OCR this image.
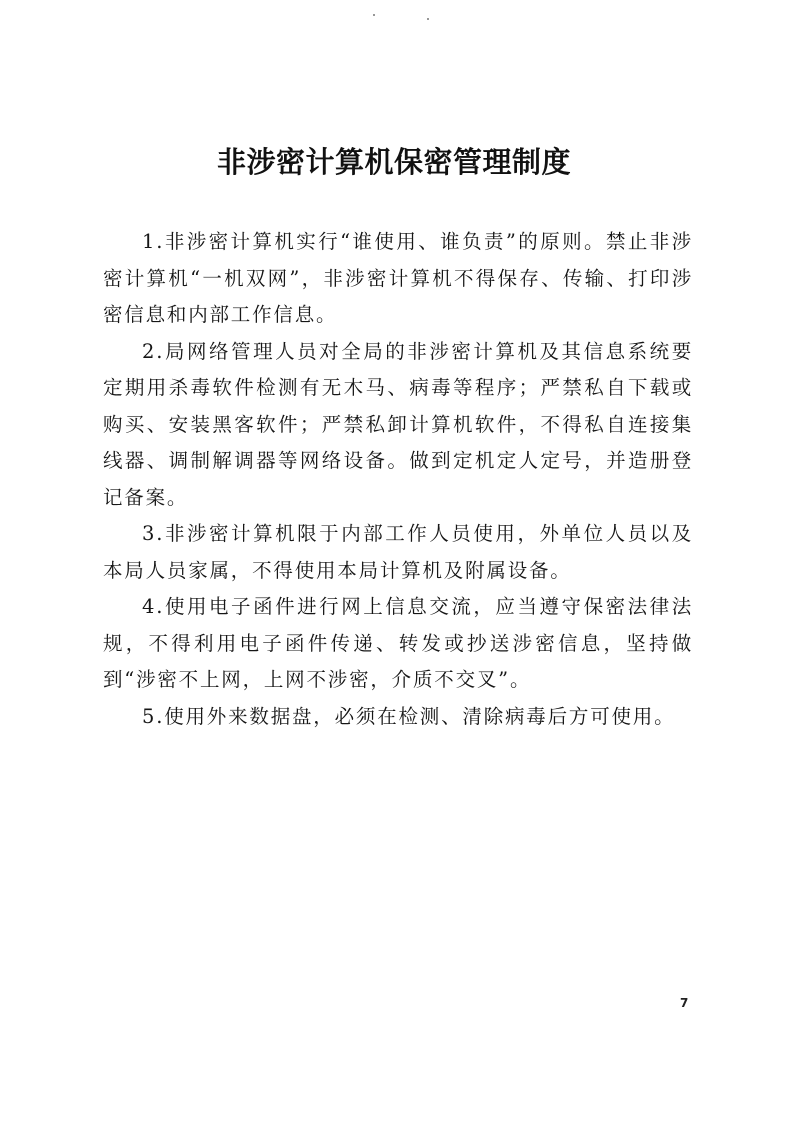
非涉密计算机保密管理制度

1.非涉密计算机实行“谁使用、谁负责”的原则。禁止非涉密计算机“一机双网”，非涉密计算机不得保存、传输、打印涉密信息和内部工作信息。

2.局网络管理人员对全局的非涉密计算机及其信息系统要定期用杀毒软件检测有无木马、病毒等程序；严禁私自下载或购买、安装黑客软件；严禁私卸计算机软件，不得私自连接集线器、调制解调器等网络设备。做到定机定人定号，并造册登记备案。

3.非涉密计算机限于内部工作人员使用，外单位人员以及本局人员家属，不得使用本局计算机及附属设备。

4.使用电子函件进行网上信息交流，应当遵守保密法律法规，不得利用电子函件传递、转发或抄送涉密信息，坚持做到“涉密不上网，上网不涉密，介质不交叉”。

5.使用外来数据盘，必须在检测、清除病毒后方可使用。

7
